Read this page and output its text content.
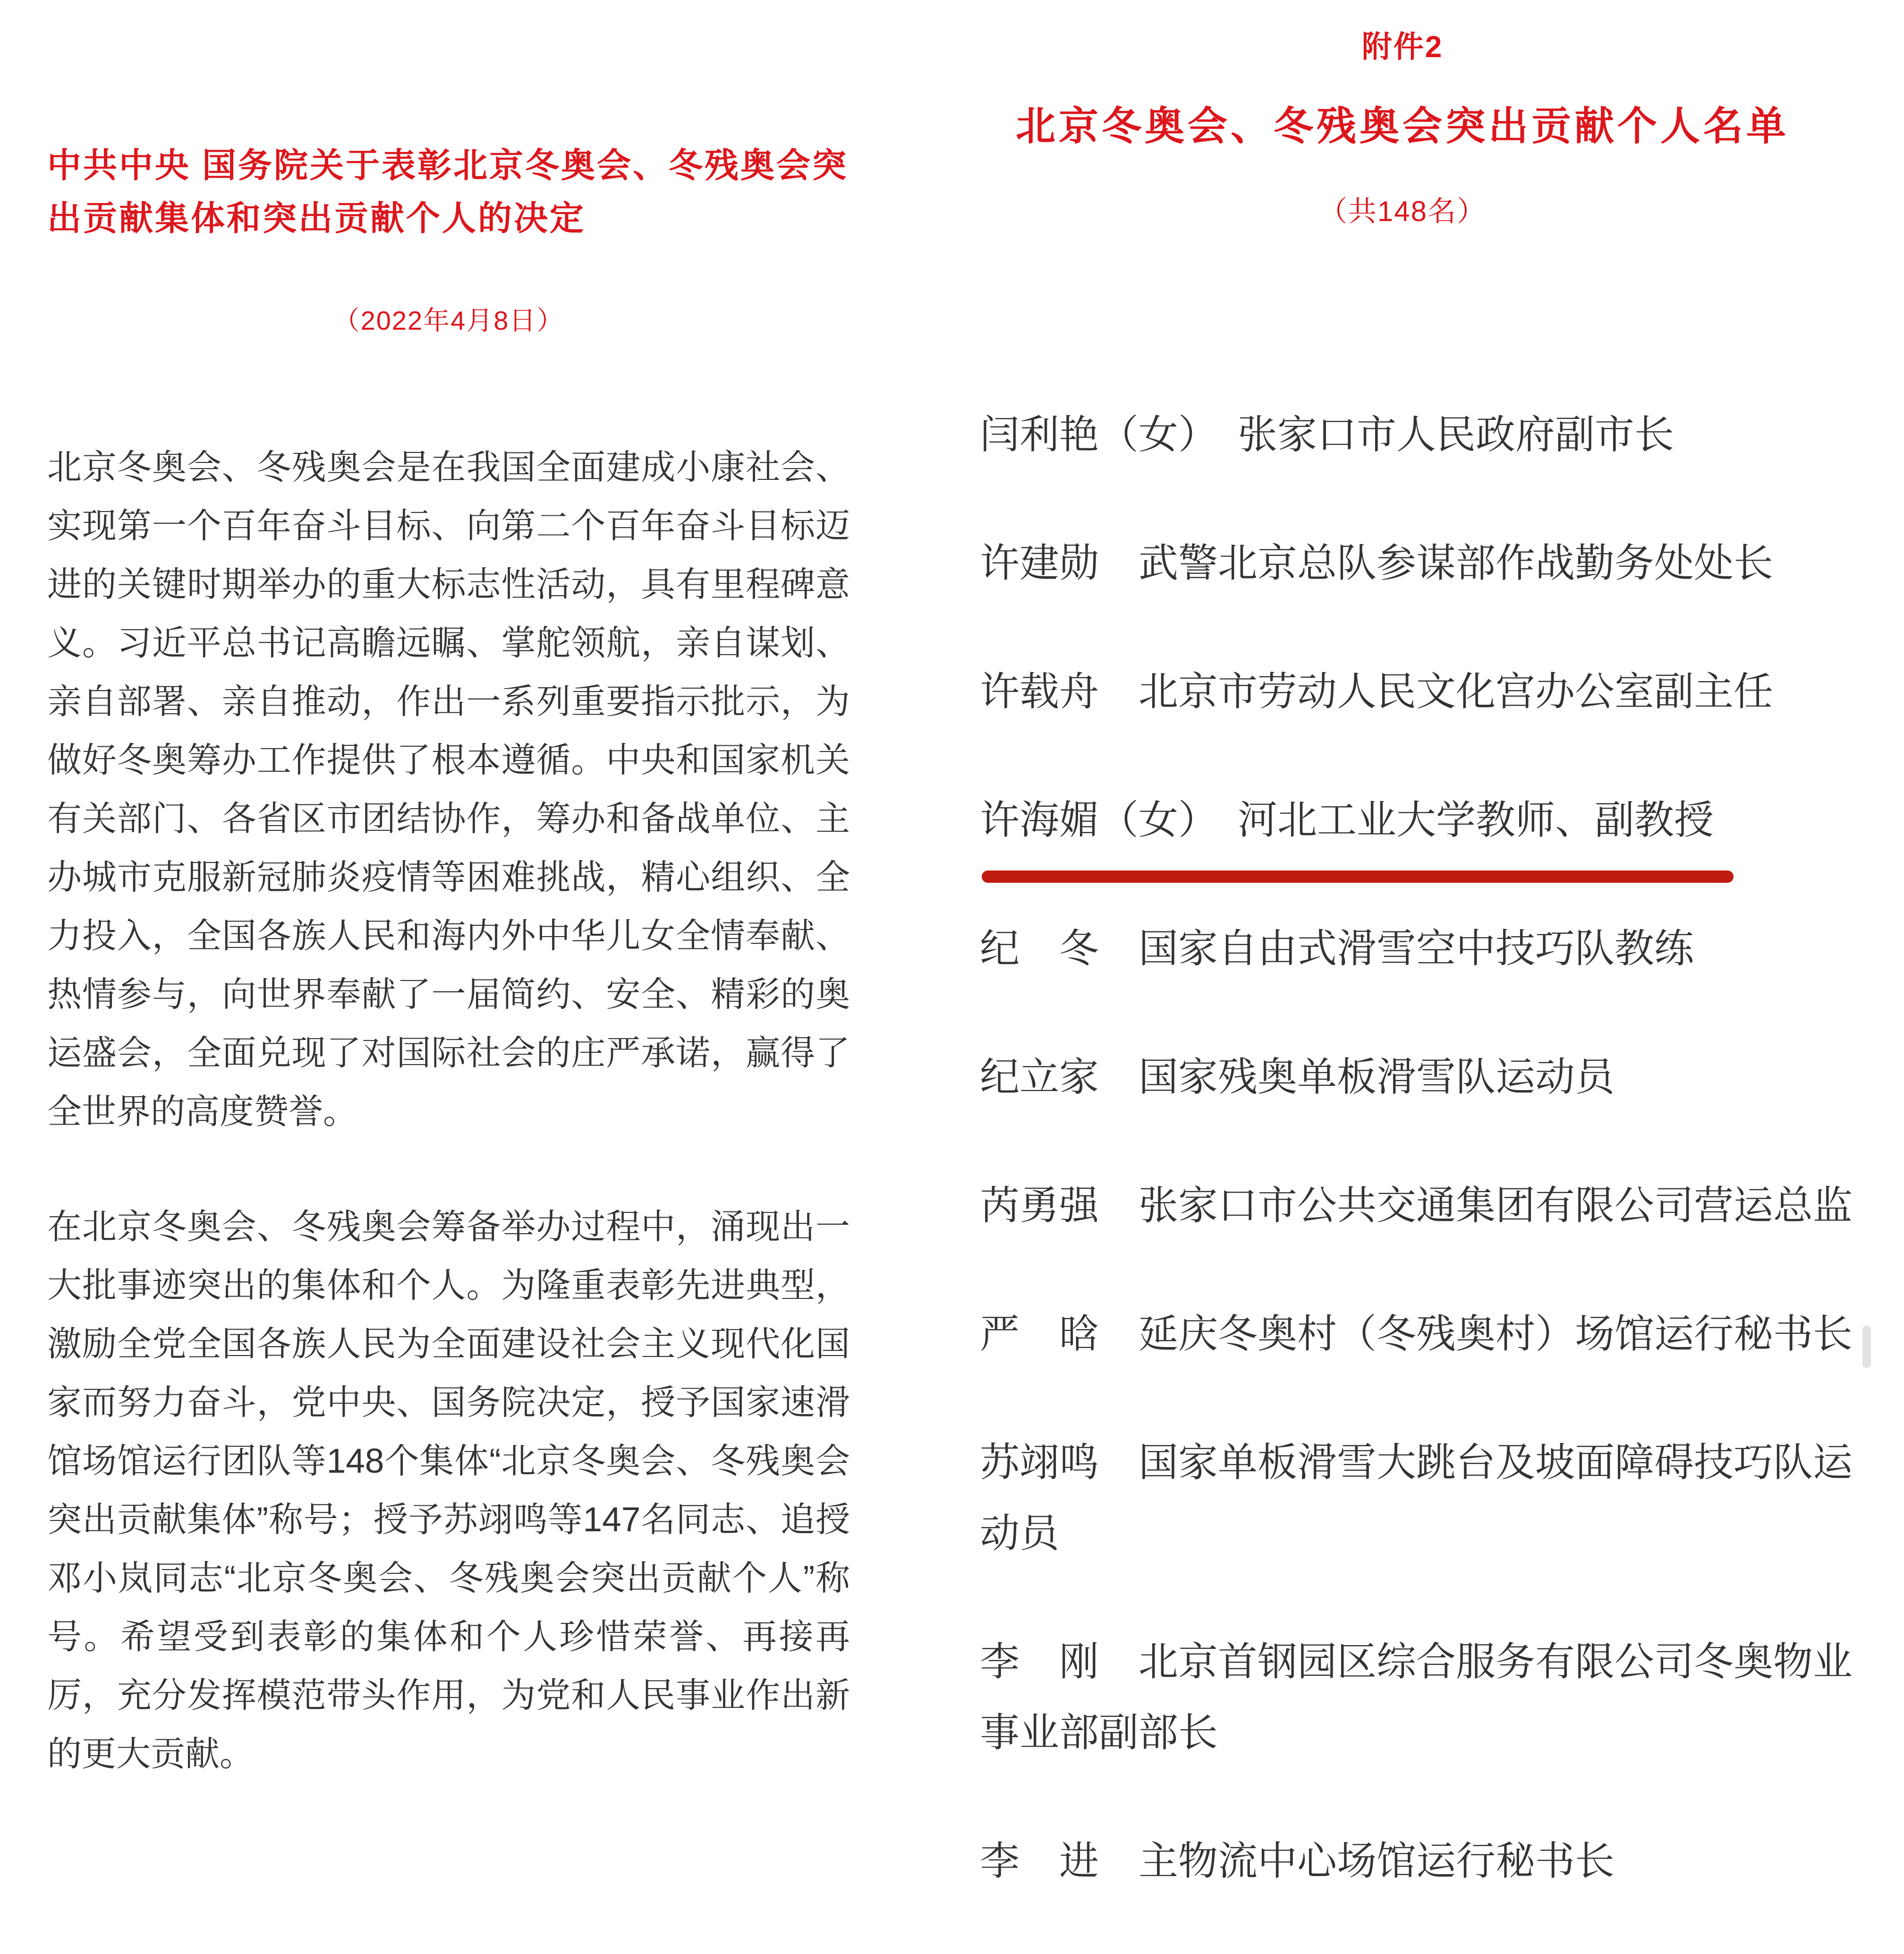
中共中央 国务院关于表彰北京冬奥会、冬残奥会突出贡献集体和突出贡献个人的决定
（2022年4月8日）

北京冬奥会、冬残奥会是在我国全面建成小康社会、实现第一个百年奋斗目标、向第二个百年奋斗目标迈进的关键时期举办的重大标志性活动，具有里程碑意义。习近平总书记高瞻远瞩、掌舵领航，亲自谋划、亲自部署、亲自推动，作出一系列重要指示批示，为做好冬奥筹办工作提供了根本遵循。中央和国家机关有关部门、各省区市团结协作，筹办和备战单位、主办城市克服新冠肺炎疫情等困难挑战，精心组织、全力投入，全国各族人民和海内外中华儿女全情奉献、热情参与，向世界奉献了一届简约、安全、精彩的奥运盛会，全面兑现了对国际社会的庄严承诺，赢得了全世界的高度赞誉。

在北京冬奥会、冬残奥会筹备举办过程中，涌现出一大批事迹突出的集体和个人。为隆重表彰先进典型，激励全党全国各族人民为全面建设社会主义现代化国家而努力奋斗，党中央、国务院决定，授予国家速滑馆场馆运行团队等148个集体“北京冬奥会、冬残奥会突出贡献集体”称号；授予苏翊鸣等147名同志、追授邓小岚同志“北京冬奥会、冬残奥会突出贡献个人”称号。希望受到表彰的集体和个人珍惜荣誉、再接再厉，充分发挥模范带头作用，为党和人民事业作出新的更大贡献。

附件2
北京冬奥会、冬残奥会突出贡献个人名单
（共148名）

闫利艳（女）　张家口市人民政府副市长

许建勋　武警北京总队参谋部作战勤务处处长

许载舟　北京市劳动人民文化宫办公室副主任

许海媚（女）　河北工业大学教师、副教授

纪　冬　国家自由式滑雪空中技巧队教练

纪立家　国家残奥单板滑雪队运动员

芮勇强　张家口市公共交通集团有限公司营运总监

严　晗　延庆冬奥村（冬残奥村）场馆运行秘书长

苏翊鸣　国家单板滑雪大跳台及坡面障碍技巧队运动员

李　刚　北京首钢园区综合服务有限公司冬奥物业事业部副部长

李　进　主物流中心场馆运行秘书长
